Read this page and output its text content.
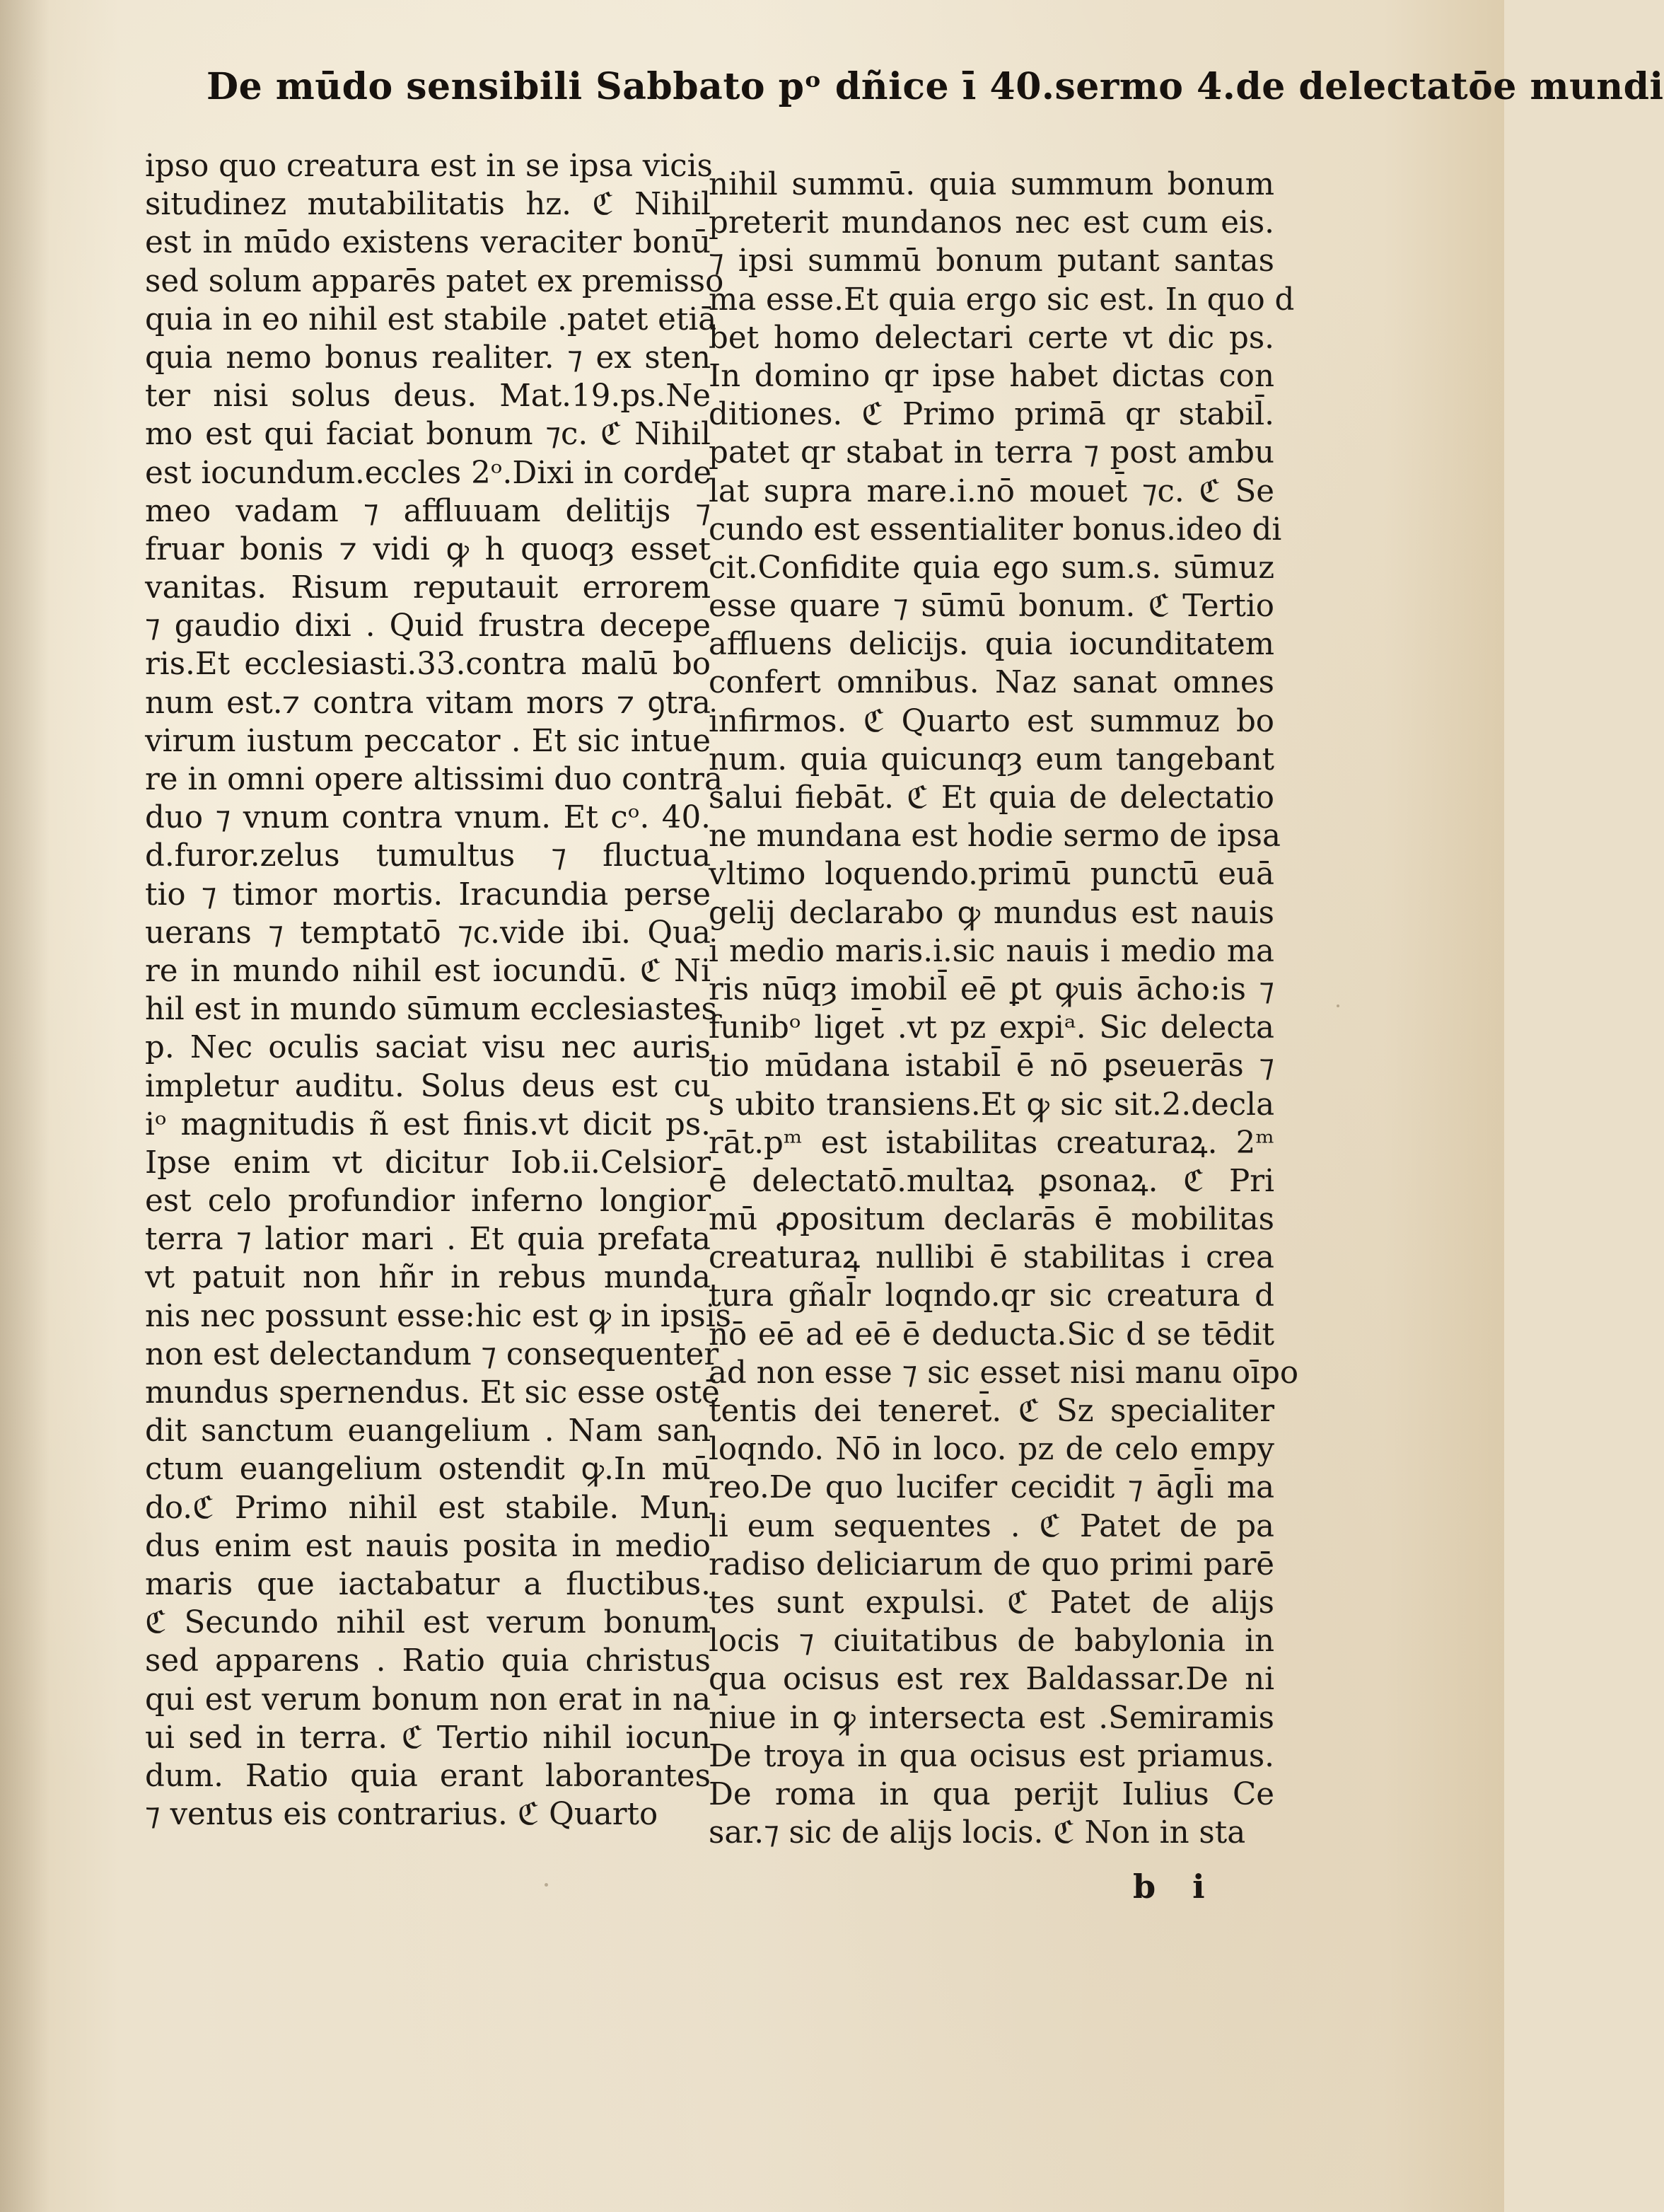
De mūdo sensibili Sabbato pᵒ dñice ī 40.sermo 4.de delectatōe mundi
ipso quo creatura est in se ipsa vicis
situdinez mutabilitatis hz. ℭ Nihil
est in mūdo existens veraciter bonū
sed solum apparēs patet ex premisso
quia in eo nihil est stabile .patet etiā
quia nemo bonus realiter. ⁊ ex sten
ter nisi solus deus. Mat.19.ps.Ne
mo est qui faciat bonum ⁊c. ℭ Nihil
est iocundum.eccles 2ᵒ.Dixi in corde
meo vadam ⁊ affluuam delitijs ⁊
fruar bonis ⁊ vidi ꝙ h quoqȝ esset
vanitas. Risum reputauit errorem
⁊ gaudio dixi . Quid frustra decepe
ris.Et ecclesiasti.33.contra malū bo
num est.⁊ contra vitam mors ⁊ ꝯtra
virum iustum peccator . Et sic intue
re in omni opere altissimi duo contra
duo ⁊ vnum contra vnum. Et cᵒ. 40.
d.furor.zelus tumultus ⁊ fluctua
tio ⁊ timor mortis. Iracundia perse
uerans ⁊ temptatō ⁊c.vide ibi. Qua
re in mundo nihil est iocundū. ℭ Ni
hil est in mundo sūmum ecclesiastes
p. Nec oculis saciat visu nec auris
impletur auditu. Solus deus est cu
iᵒ magnitudis ñ est finis.vt dicit ps.
Ipse enim vt dicitur Iob.ii.Celsior
est celo profundior inferno longior
terra ⁊ latior mari . Et quia prefata
vt patuit non hñr in rebus munda
nis nec possunt esse:hic est ꝙ in ipsis
non est delectandum ⁊ consequenter
mundus spernendus. Et sic esse ostē
dit sanctum euangelium . Nam san
ctum euangelium ostendit ꝙ.In mū
do.ℭ Primo nihil est stabile. Mun
dus enim est nauis posita in medio
maris que iactabatur a fluctibus.
ℭ Secundo nihil est verum bonum
sed apparens . Ratio quia christus
qui est verum bonum non erat in na
ui sed in terra. ℭ Tertio nihil iocun
dum. Ratio quia erant laborantes
⁊ ventus eis contrarius. ℭ Quarto
nihil summū. quia summum bonum
preterit mundanos nec est cum eis.
⁊ ipsi summū bonum putant santas
ma esse.Et quia ergo sic est. In quo d
bet homo delectari certe vt dic ps.
In domino qr ipse habet dictas con
ditiones. ℭ Primo primā qr stabil̄.
patet qr stabat in terra ⁊ post ambu
lat supra mare.i.nō mouet̄ ⁊c. ℭ Se
cundo est essentialiter bonus.ideo di
cit.Confidite quia ego sum.s. sūmuz
esse quare ⁊ sūmū bonum. ℭ Tertio
affluens delicijs. quia iocunditatem
confert omnibus. Naz sanat omnes
infirmos. ℭ Quarto est summuz bo
num. quia quicunqȝ eum tangebant
salui fiebāt. ℭ Et quia de delectatio
ne mundana est hodie sermo de ipsa
vltimo loquendo.primū punctū euā
gelij declarabo ꝙ mundus est nauis
i medio maris.i.sic nauis i medio ma
ris nūqȝ imobil̄ eē ꝑt ꝙuis ācho:is ⁊
funibᵒ liget̄ .vt pz expiᵃ. Sic delecta
tio mūdana istabil̄ ē nō ꝑseuerās ⁊
s ubito transiens.Et ꝙ sic sit.2.decla
rāt.pᵐ est istabilitas creaturaꝝ. 2ᵐ
ē delectatō.multaꝝ ꝑsonaꝝ. ℭ Pri
mū ꝓpositum declarās ē mobilitas
creaturaꝝ nullibi ē stabilitas i crea
tura gñal̄r loqndo.qr sic creatura d
nō eē ad eē ē deducta.Sic d se tēdit
ad non esse ⁊ sic esset nisi manu oīpo
tentis dei teneret̄. ℭ Sz specialiter
loqndo. Nō in loco. pz de celo empy
reo.De quo lucifer cecidit ⁊ āgl̄i ma
li eum sequentes . ℭ Patet de pa
radiso deliciarum de quo primi parē
tes sunt expulsi. ℭ Patet de alijs
locis ⁊ ciuitatibus de babylonia in
qua ocisus est rex Baldassar.De ni
niue in ꝙ intersecta est .Semiramis
De troya in qua ocisus est priamus.
De roma in qua perijt Iulius Ce
sar.⁊ sic de alijs locis. ℭ Non in sta
b i
